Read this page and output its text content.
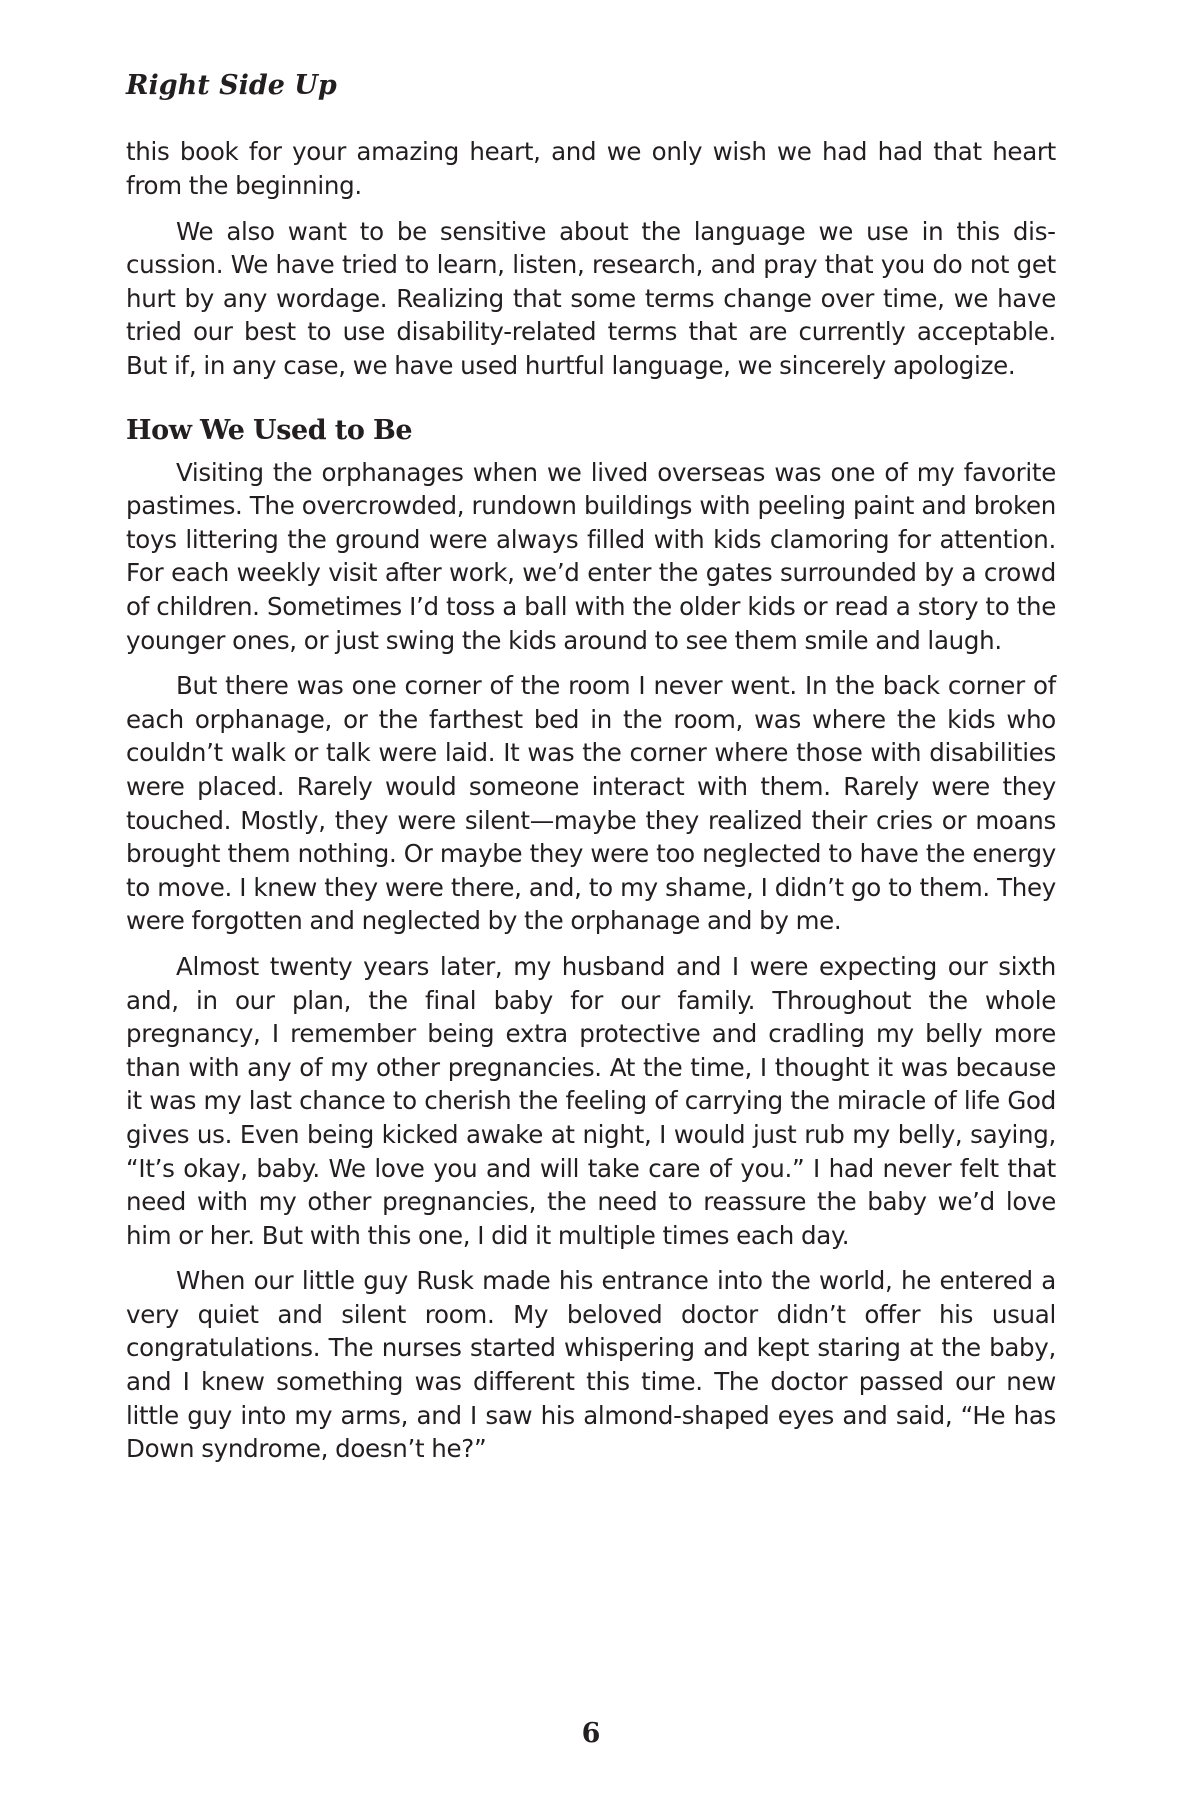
Right Side Up

this book for your amazing heart, and we only wish we had had that heart from the beginning.

We also want to be sensitive about the language we use in this discussion. We have tried to learn, listen, research, and pray that you do not get hurt by any wordage. Realizing that some terms change over time, we have tried our best to use disability-related terms that are currently acceptable. But if, in any case, we have used hurtful language, we sincerely apologize.

How We Used to Be

Visiting the orphanages when we lived overseas was one of my favorite pastimes. The overcrowded, rundown buildings with peeling paint and broken toys littering the ground were always filled with kids clamoring for attention. For each weekly visit after work, we’d enter the gates surrounded by a crowd of children. Sometimes I’d toss a ball with the older kids or read a story to the younger ones, or just swing the kids around to see them smile and laugh.

But there was one corner of the room I never went. In the back corner of each orphanage, or the farthest bed in the room, was where the kids who couldn’t walk or talk were laid. It was the corner where those with disabilities were placed. Rarely would someone interact with them. Rarely were they touched. Mostly, they were silent—maybe they realized their cries or moans brought them nothing. Or maybe they were too neglected to have the energy to move. I knew they were there, and, to my shame, I didn’t go to them. They were forgotten and neglected by the orphanage and by me.

Almost twenty years later, my husband and I were expecting our sixth and, in our plan, the final baby for our family. Throughout the whole pregnancy, I remember being extra protective and cradling my belly more than with any of my other pregnancies. At the time, I thought it was because it was my last chance to cherish the feeling of carrying the miracle of life God gives us. Even being kicked awake at night, I would just rub my belly, saying, “It’s okay, baby. We love you and will take care of you.” I had never felt that need with my other pregnancies, the need to reassure the baby we’d love him or her. But with this one, I did it multiple times each day.

When our little guy Rusk made his entrance into the world, he entered a very quiet and silent room. My beloved doctor didn’t offer his usual congratulations. The nurses started whispering and kept staring at the baby, and I knew something was different this time. The doctor passed our new little guy into my arms, and I saw his almond-shaped eyes and said, “He has Down syndrome, doesn’t he?”

6
